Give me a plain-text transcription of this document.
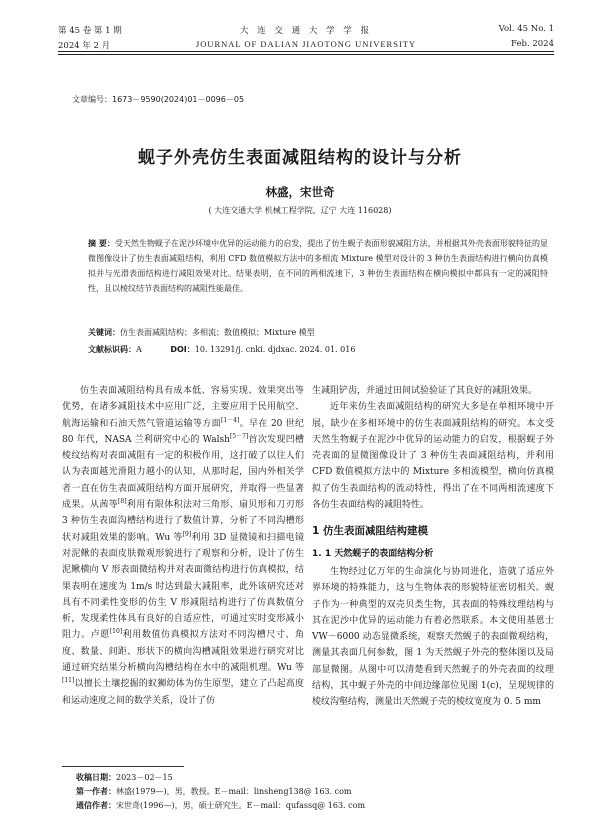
第 45 卷 第 1 期
2024 年 2 月
大 连 交 通 大 学 学 报
JOURNAL OF DALIAN JIAOTONG UNIVERSITY
Vol. 45 No. 1
Feb. 2024
文章编号：1673－9590(2024)01－0096－05
蚬子外壳仿生表面减阻结构的设计与分析
林盛，宋世奇
( 大连交通大学 机械工程学院，辽宁 大连 116028)
摘 要：受天然生物蚬子在泥沙环境中优异的运动能力的启发，提出了仿生蚬子表面形貌减阻方法，并根据其外壳表面形貌特征的显微图像设计了仿生表面减阻结构，利用 CFD 数值模拟方法中的多相流 Mixture 模型对设计的 3 种仿生表面结构进行横向仿真模拟并与光滑表面结构进行减阻效果对比。结果表明，在不同的两相流速下，3 种仿生表面结构在横向模拟中都具有一定的减阻特性，且以棱纹结节表面结构的减阻性能最佳。
关键词：仿生表面减阻结构；多相流；数值模拟；Mixture 模型
文献标识码：A	DOI：10. 13291/j. cnki. djdxac. 2024. 01. 016

仿生表面减阻结构具有成本低、容易实现、效果突出等优势，在诸多减阻技术中应用广泛，主要应用于民用航空、航海运输和石油天然气管道运输等方面[1－4]。早在 20 世纪 80 年代，NASA 兰利研究中心的 Walsh[5－7]首次发现凹槽棱纹结构对表面减阻有一定的积极作用，这打破了以往人们认为表面越光滑阻力越小的认知，从那时起，国内外相关学者一直在仿生表面减阻结构方面开展研究，并取得一些显著成果。从茜等[8]利用有限体积法对三角形、扇贝形和刀刃形 3 种仿生表面沟槽结构进行了数值计算，分析了不同沟槽形状对减阻效果的影响。Wu 等[9]利用 3D 显微镜和扫描电镜对泥鳅的表面皮肤微观形貌进行了观察和分析，设计了仿生泥鳅横向 V 形表面微结构并对表面微结构进行仿真模拟，结果表明在速度为 1m/s 时达到最大减阻率，此外该研究还对具有不同柔性变形的仿生 V 形减阻结构进行了仿真数值分析，发现柔性体具有良好的自适应性，可通过实时变形减小阻力。卢愿[10]利用数值仿真模拟方法对不同沟槽尺寸、角度、数量、间距、形状下的横向沟槽减阻效果进行研究对比通过研究结果分析横向沟槽结构在水中的减阻机理。Wu 等[11]以擅长土壤挖掘的蚁狮幼体为仿生原型，建立了凸起高度和运动速度之间的数学关系，设计了仿

生减阻铲齿，并通过田间试验验证了其良好的减阻效果。

近年来仿生表面减阻结构的研究大多是在单相环境中开展，缺少在多相环境中的仿生表面减阻结构的研究。本文受天然生物蚬子在泥沙中优异的运动能力的启发，根据蚬子外壳表面的显微图像设计了 3 种仿生表面减阻结构，并利用 CFD 数值模拟方法中的 Mixture 多相流模型，横向仿真模拟了仿生表面结构的流动特性，得出了在不同两相流速度下各仿生表面结构的减阻特性。

1 仿生表面减阻结构建模
1. 1 天然蚬子的表面结构分析

生物经过亿万年的生命演化与协同进化，造就了适应外界环境的特殊能力，这与生物体表的形貌特征密切相关。蚬子作为一种典型的双壳贝类生物，其表面的特殊纹理结构与其在泥沙中优异的运动能力有着必然联系。本文使用基恩士 VW－6000 动态显微系统，观察天然蚬子的表面微观结构，测量其表面几何参数，图 1 为天然蚬子外壳的整体图以及局部显微图。从图中可以清楚看到天然蚬子的外壳表面的纹理结构，其中蚬子外壳的中间边缘部位见图 1(c)，呈现规律的棱纹沟壑结构，测量出天然蚬子壳的棱纹宽度为 0. 5 mm

收稿日期：2023－02－15
第一作者：林盛(1979—)，男，教授。E－mail：linsheng138@ 163. com
通信作者：宋世奇(1996—)，男，硕士研究生。E－mail：qufassq@ 163. com
